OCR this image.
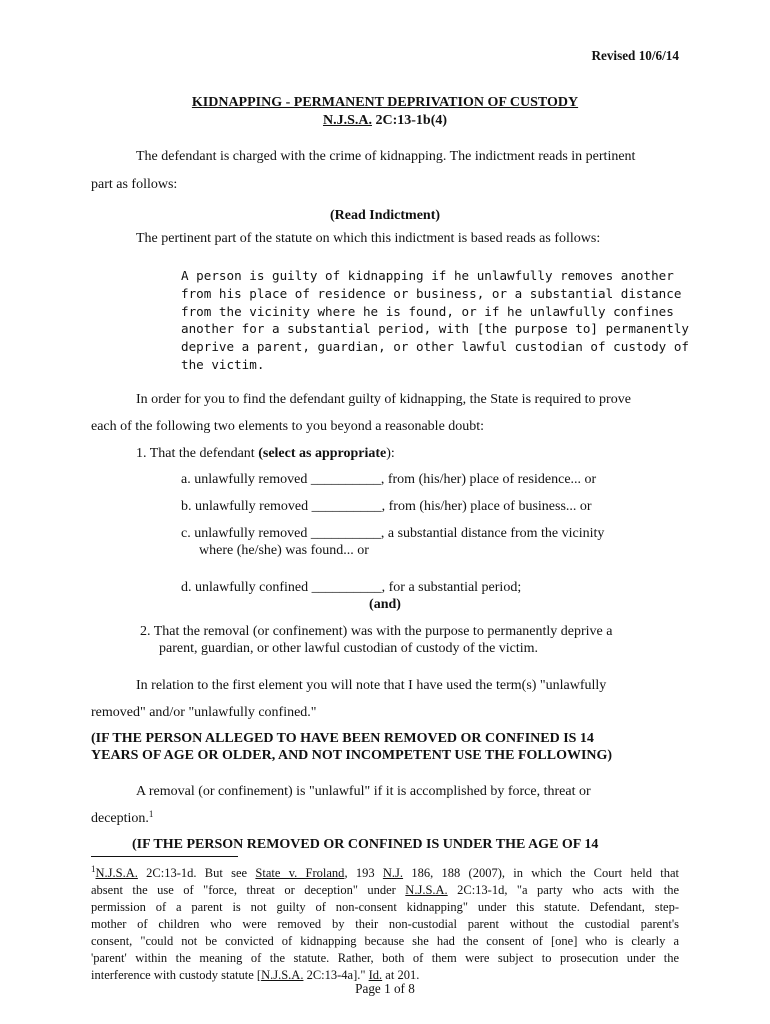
Revised 10/6/14
KIDNAPPING - PERMANENT DEPRIVATION OF CUSTODY
N.J.S.A. 2C:13-1b(4)
The defendant is charged with the crime of kidnapping. The indictment reads in pertinent
part as follows:
(Read Indictment)
The pertinent part of the statute on which this indictment is based reads as follows:
A person is guilty of kidnapping if he unlawfully removes another
from his place of residence or business, or a substantial distance
from the vicinity where he is found, or if he unlawfully confines
another for a substantial period, with [the purpose to] permanently
deprive a parent, guardian, or other lawful custodian of custody of
the victim.
In order for you to find the defendant guilty of kidnapping, the State is required to prove
each of the following two elements to you beyond a reasonable doubt:
1. That the defendant (select as appropriate):
a. unlawfully removed __________, from (his/her) place of residence... or
b. unlawfully removed __________, from (his/her) place of business... or
c. unlawfully removed __________, a substantial distance from the vicinity
where (he/she) was found... or
d. unlawfully confined __________, for a substantial period;
(and)
2. That the removal (or confinement) was with the purpose to permanently deprive a
parent, guardian, or other lawful custodian of custody of the victim.
In relation to the first element you will note that I have used the term(s) "unlawfully
removed" and/or "unlawfully confined."
(IF THE PERSON ALLEGED TO HAVE BEEN REMOVED OR CONFINED IS 14
YEARS OF AGE OR OLDER, AND NOT INCOMPETENT USE THE FOLLOWING)
A removal (or confinement) is "unlawful" if it is accomplished by force, threat or
deception.$^1$
(IF THE PERSON REMOVED OR CONFINED IS UNDER THE AGE OF 14
$^1$N.J.S.A. 2C:13-1d. But see State v. Froland, 193 N.J. 186, 188 (2007), in which the Court held that
absent the use of "force, threat or deception" under N.J.S.A. 2C:13-1d, "a party who acts with the
permission of a parent is not guilty of non-consent kidnapping" under this statute. Defendant, step-
mother of children who were removed by their non-custodial parent without the custodial parent's
consent, "could not be convicted of kidnapping because she had the consent of [one] who is clearly a
'parent' within the meaning of the statute. Rather, both of them were subject to prosecution under the
interference with custody statute [N.J.S.A. 2C:13-4a]." Id. at 201.
Page 1 of 8
